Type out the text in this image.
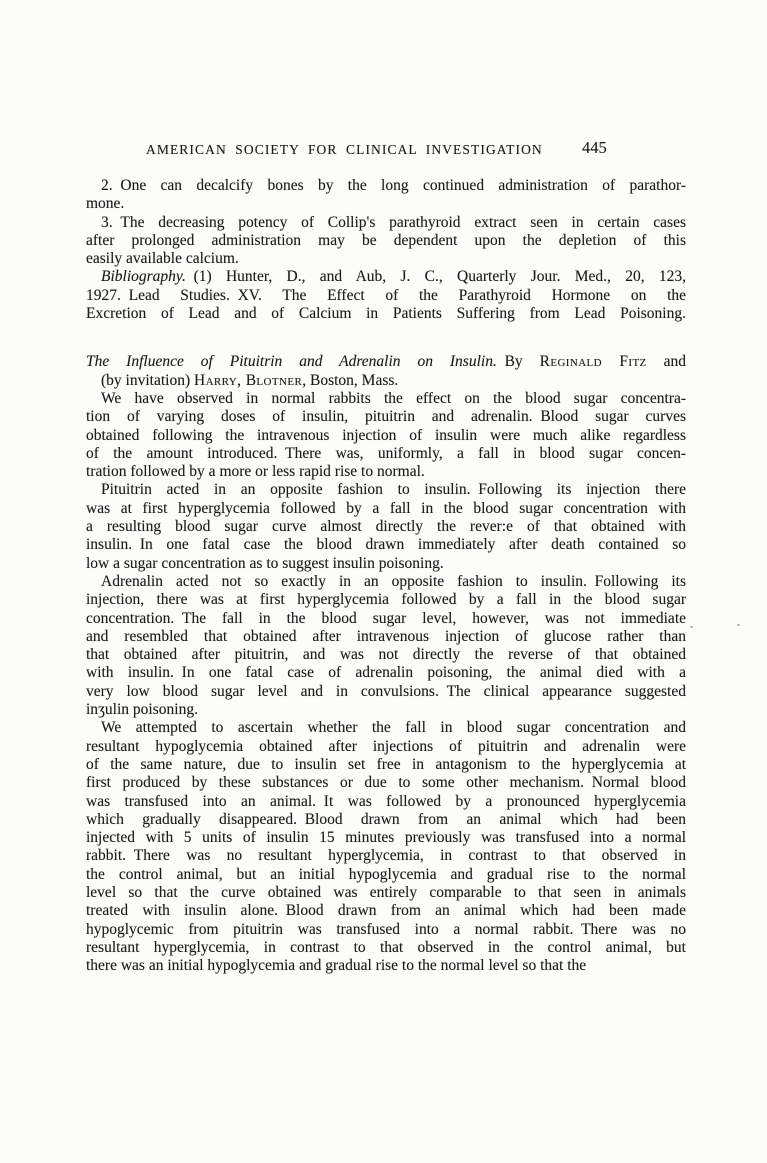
AMERICAN SOCIETY FOR CLINICAL INVESTIGATION 445
2. One can decalcify bones by the long continued administration of parathor-
mone.
3. The decreasing potency of Collip's parathyroid extract seen in certain cases
after prolonged administration may be dependent upon the depletion of this
easily available calcium.
Bibliography. (1) Hunter, D., and Aub, J. C., Quarterly Jour. Med., 20, 123,
1927. Lead Studies. XV. The Effect of the Parathyroid Hormone on the
Excretion of Lead and of Calcium in Patients Suffering from Lead Poisoning.
The Influence of Pituitrin and Adrenalin on Insulin. By Reginald Fitz and
(by invitation) Harry, Blotner, Boston, Mass.
We have observed in normal rabbits the effect on the blood sugar concentra-
tion of varying doses of insulin, pituitrin and adrenalin. Blood sugar curves
obtained following the intravenous injection of insulin were much alike regardless
of the amount introduced. There was, uniformly, a fall in blood sugar concen-
tration followed by a more or less rapid rise to normal.
Pituitrin acted in an opposite fashion to insulin. Following its injection there
was at first hyperglycemia followed by a fall in the blood sugar concentration with
a resulting blood sugar curve almost directly the rever:e of that obtained with
insulin. In one fatal case the blood drawn immediately after death contained so
low a sugar concentration as to suggest insulin poisoning.
Adrenalin acted not so exactly in an opposite fashion to insulin. Following its
injection, there was at first hyperglycemia followed by a fall in the blood sugar
concentration. The fall in the blood sugar level, however, was not immediate
and resembled that obtained after intravenous injection of glucose rather than
that obtained after pituitrin, and was not directly the reverse of that obtained
with insulin. In one fatal case of adrenalin poisoning, the animal died with a
very low blood sugar level and in convulsions. The clinical appearance suggested
inʒulin poisoning.
We attempted to ascertain whether the fall in blood sugar concentration and
resultant hypoglycemia obtained after injections of pituitrin and adrenalin were
of the same nature, due to insulin set free in antagonism to the hyperglycemia at
first produced by these substances or due to some other mechanism. Normal blood
was transfused into an animal. It was followed by a pronounced hyperglycemia
which gradually disappeared. Blood drawn from an animal which had been
injected with 5 units of insulin 15 minutes previously was transfused into a normal
rabbit. There was no resultant hyperglycemia, in contrast to that observed in
the control animal, but an initial hypoglycemia and gradual rise to the normal
level so that the curve obtained was entirely comparable to that seen in animals
treated with insulin alone. Blood drawn from an animal which had been made
hypoglycemic from pituitrin was transfused into a normal rabbit. There was no
resultant hyperglycemia, in contrast to that observed in the control animal, but
there was an initial hypoglycemia and gradual rise to the normal level so that the
